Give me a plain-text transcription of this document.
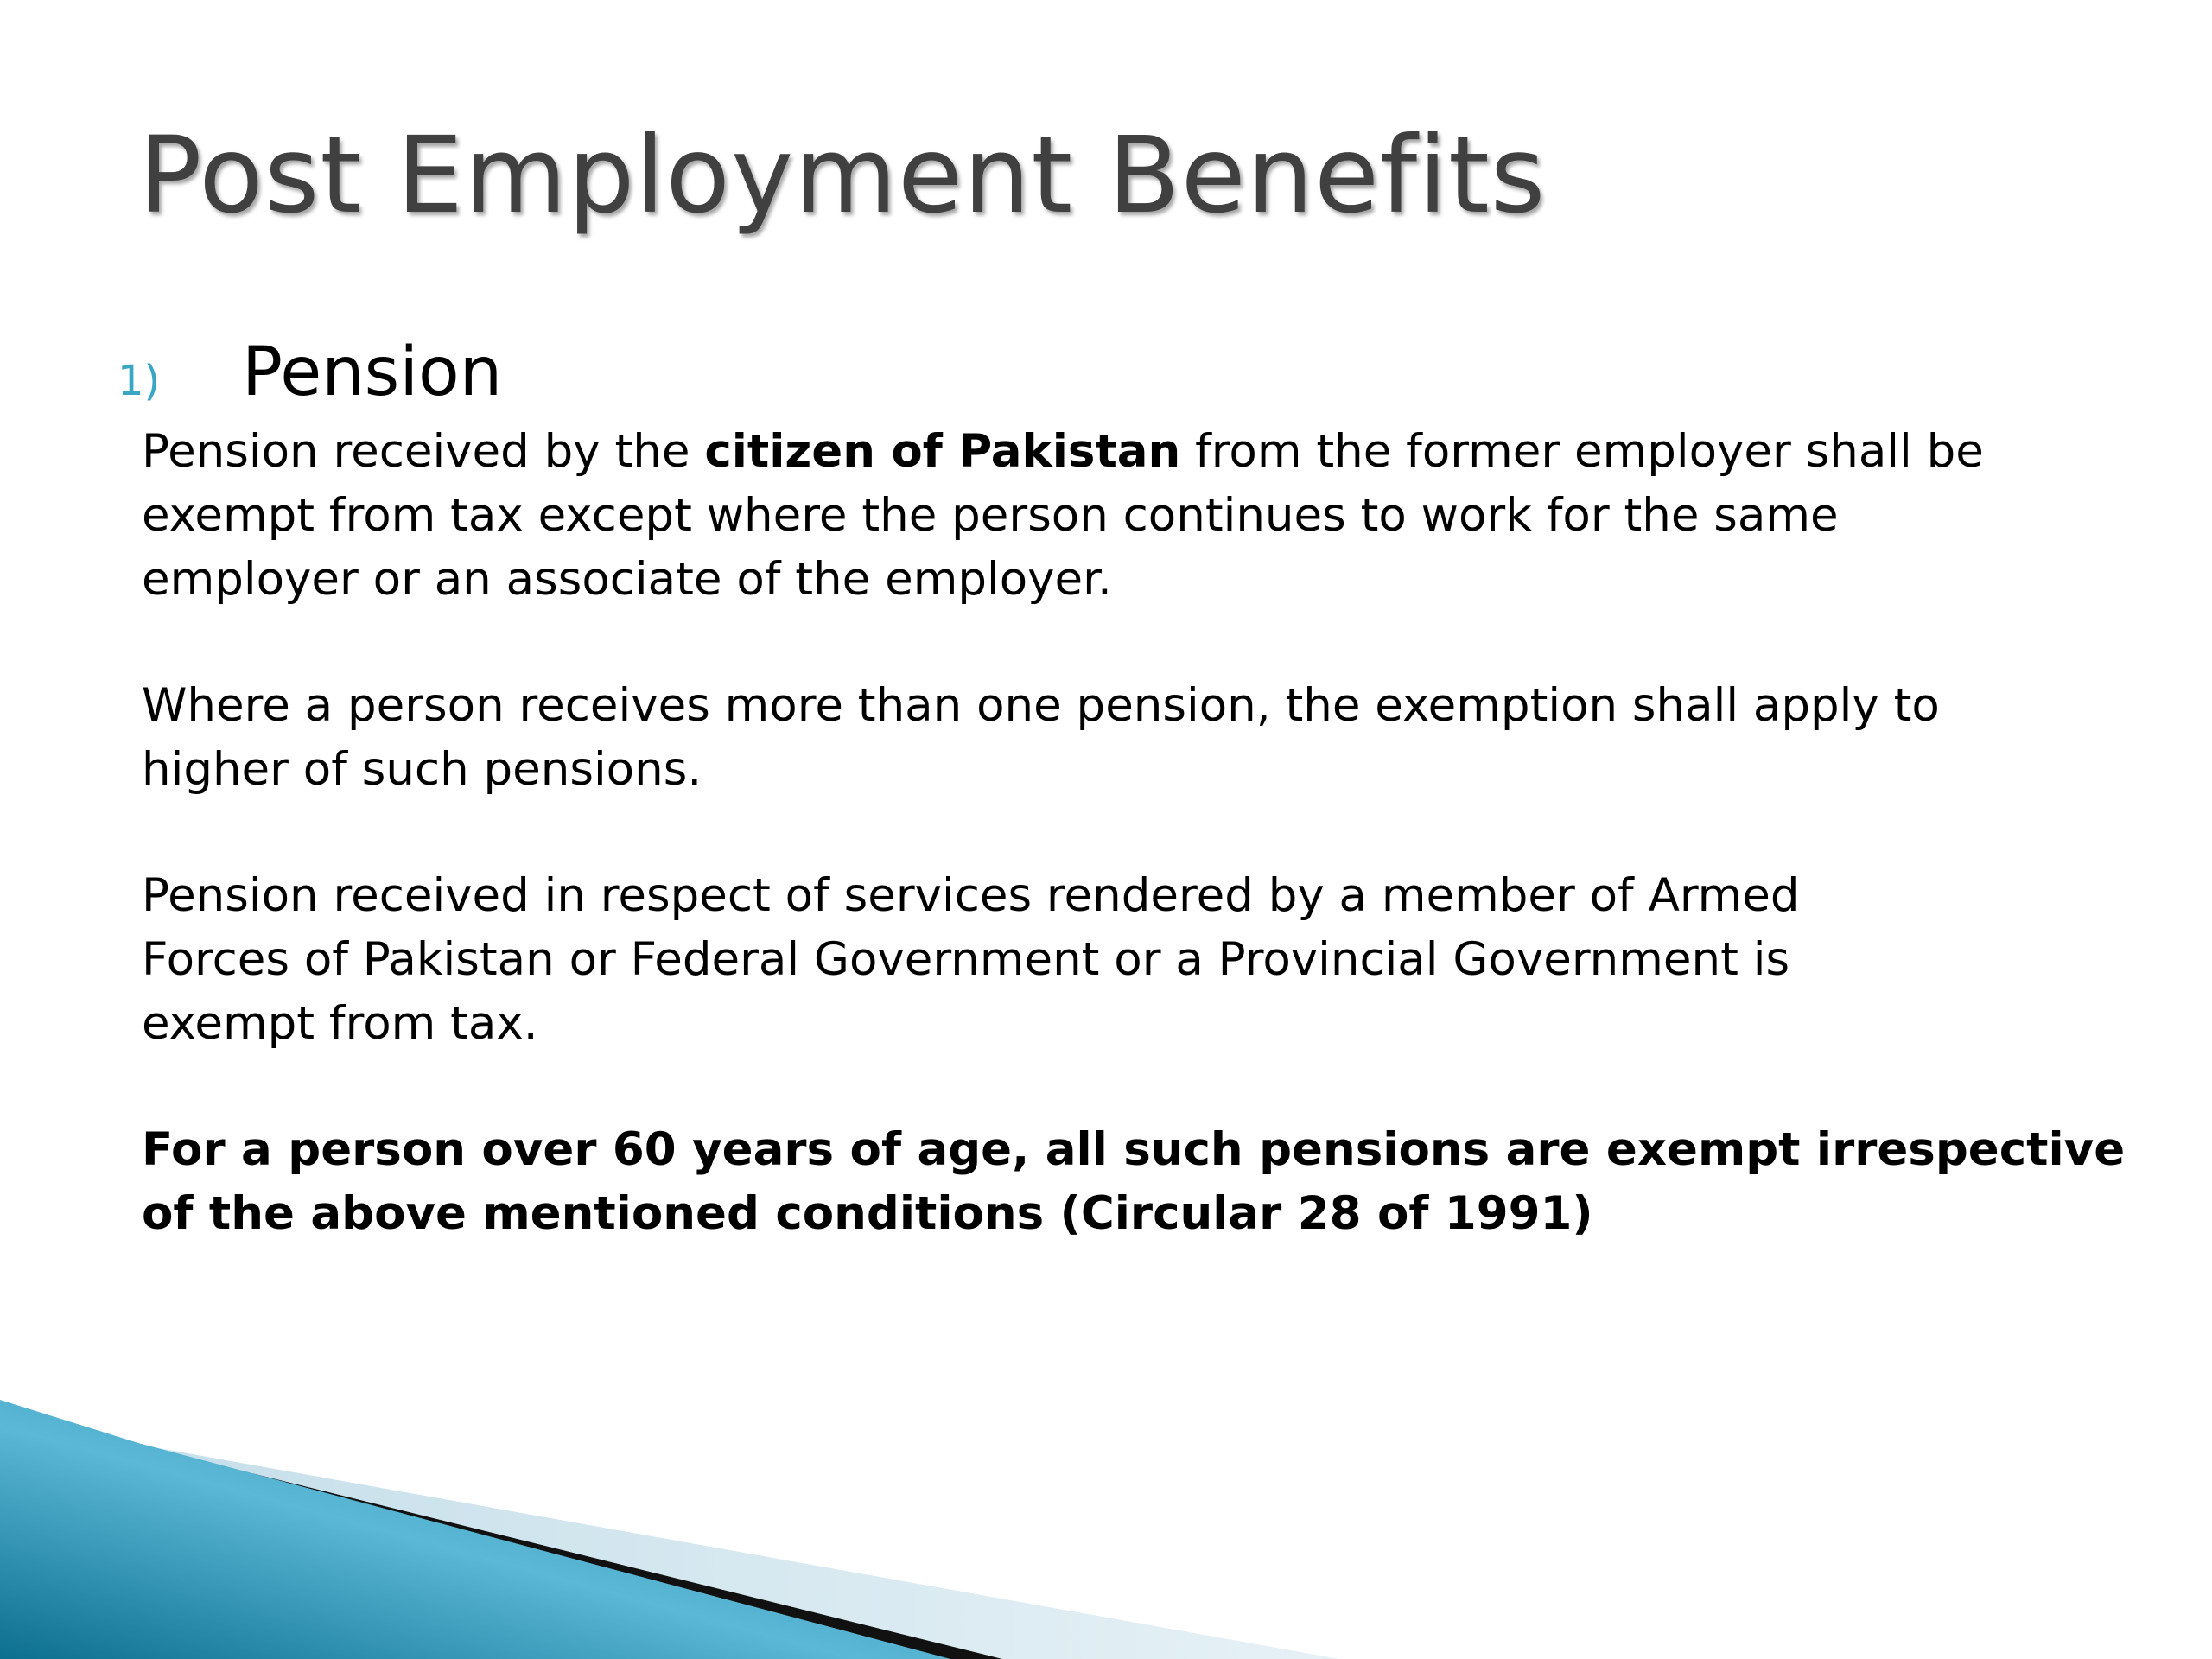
Post Employment Benefits
1)	Pension

Pension received by the citizen of Pakistan from the former employer shall be

exempt from tax except where the person continues to work for the same

employer or an associate of the employer.

Where a person receives more than one pension, the exemption shall apply to

higher of such pensions.

Pension received in respect of services rendered by a member of Armed

Forces of Pakistan or Federal Government or a Provincial Government is

exempt from tax.

For a person over 60 years of age, all such pensions are exempt irrespective

of the above mentioned conditions (Circular 28 of 1991)
